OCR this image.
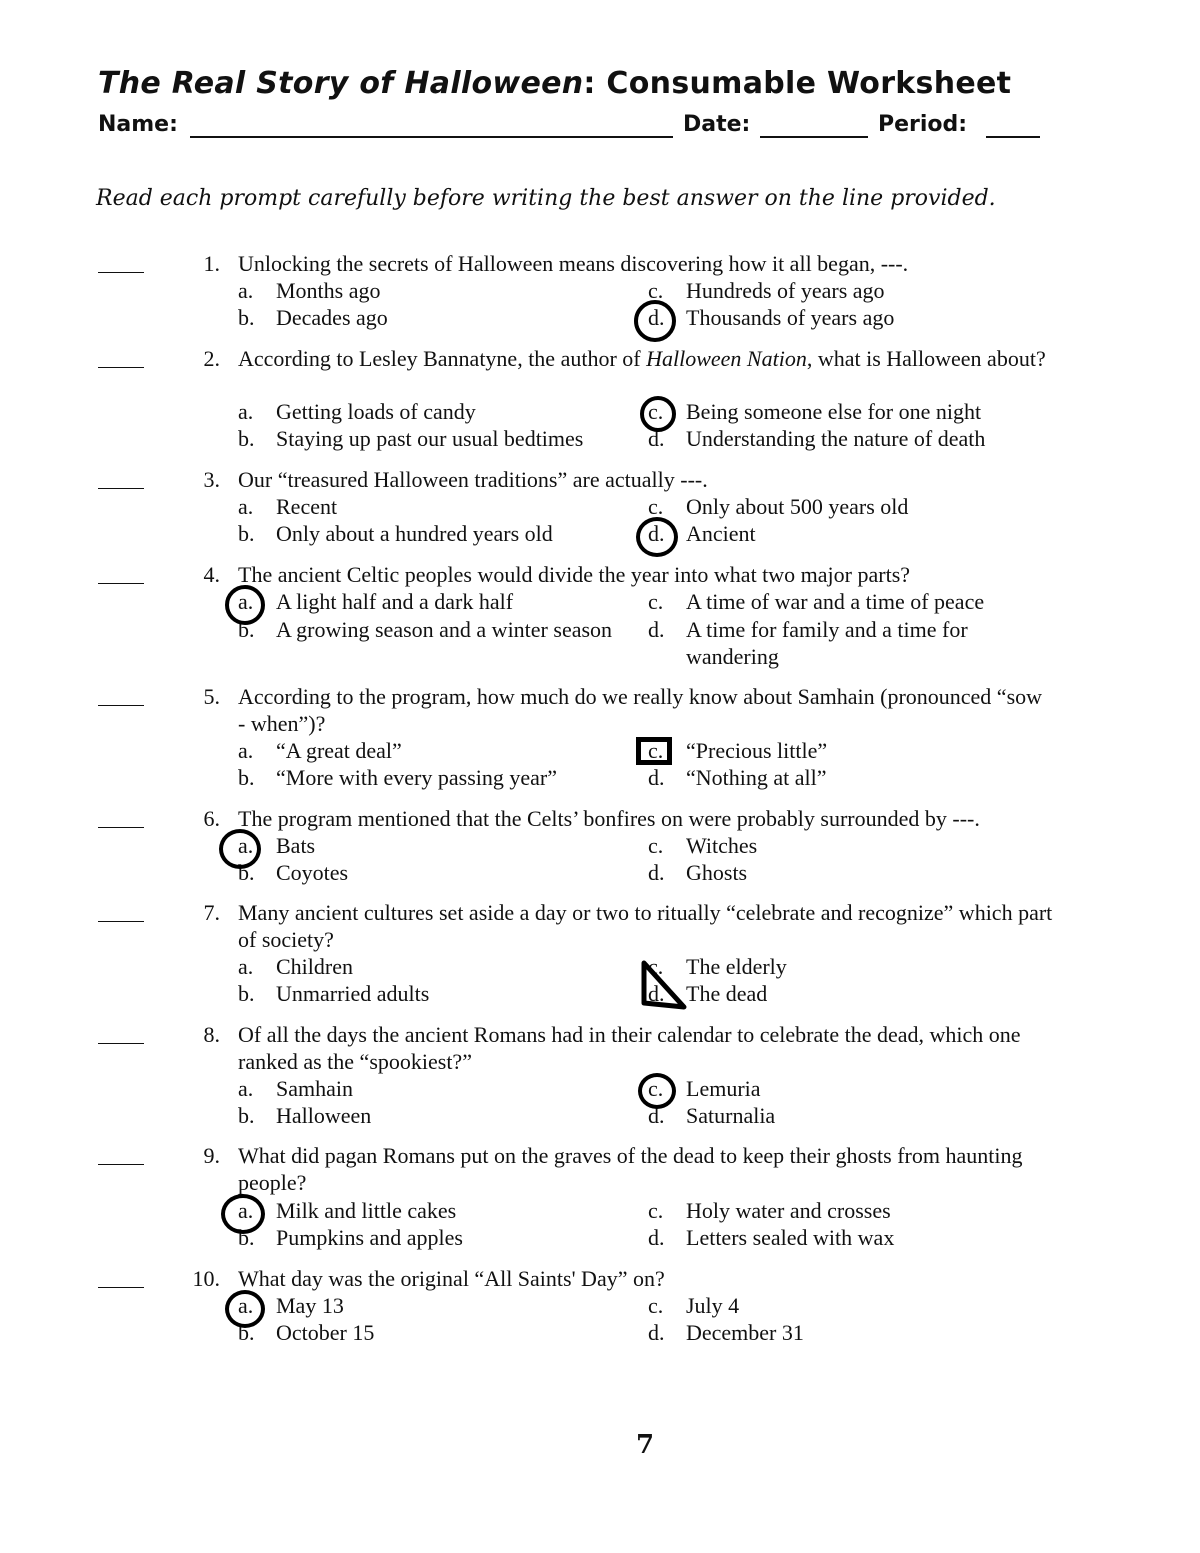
The Real Story of Halloween: Consumable Worksheet
Name:	Date:	Period:
Read each prompt carefully before writing the best answer on the line provided.
1. Unlocking the secrets of Halloween means discovering how it all began, ---.
a.	Months ago
b. Decades ago
c.	Hundreds of years ago
d. Thousands of years ago
2. According to Lesley Bannatyne, the author of Halloween Nation, what is Halloween about?
a.	Getting loads of candy
b. Staying up past our usual bedtimes
c.	Being someone else for one night
d. Understanding the nature of death
3. Our “treasured Halloween traditions” are actually ---.
a.	Recent
b. Only about a hundred years old
c.	Only about 500 years old
d. Ancient
4. The ancient Celtic peoples would divide the year into what two major parts?
a.	A light half and a dark half
b. A growing season and a winter season
c.	A time of war and a time of peace
d. A time for family and a time for wandering
5. According to the program, how much do we really know about Samhain (pronounced “sow - when”)?
a.	“A great deal”
b. “More with every passing year”
c.	“Precious little”
d. “Nothing at all”
6. The program mentioned that the Celts’ bonfires on were probably surrounded by ---.
a.	Bats
b. Coyotes
c.	Witches
d. Ghosts
7. Many ancient cultures set aside a day or two to ritually “celebrate and recognize” which part of society?
a.	Children
b. Unmarried adults
c.	The elderly
d. The dead
8. Of all the days the ancient Romans had in their calendar to celebrate the dead, which one ranked as the “spookiest?”
a.	Samhain
b. Halloween
c.	Lemuria
d. Saturnalia
9. What did pagan Romans put on the graves of the dead to keep their ghosts from haunting people?
a.	Milk and little cakes
b. Pumpkins and apples
c.	Holy water and crosses
d. Letters sealed with wax
10. What day was the original “All Saints' Day” on?
a.	May 13
b. October 15
c.	July 4
d. December 31
7
